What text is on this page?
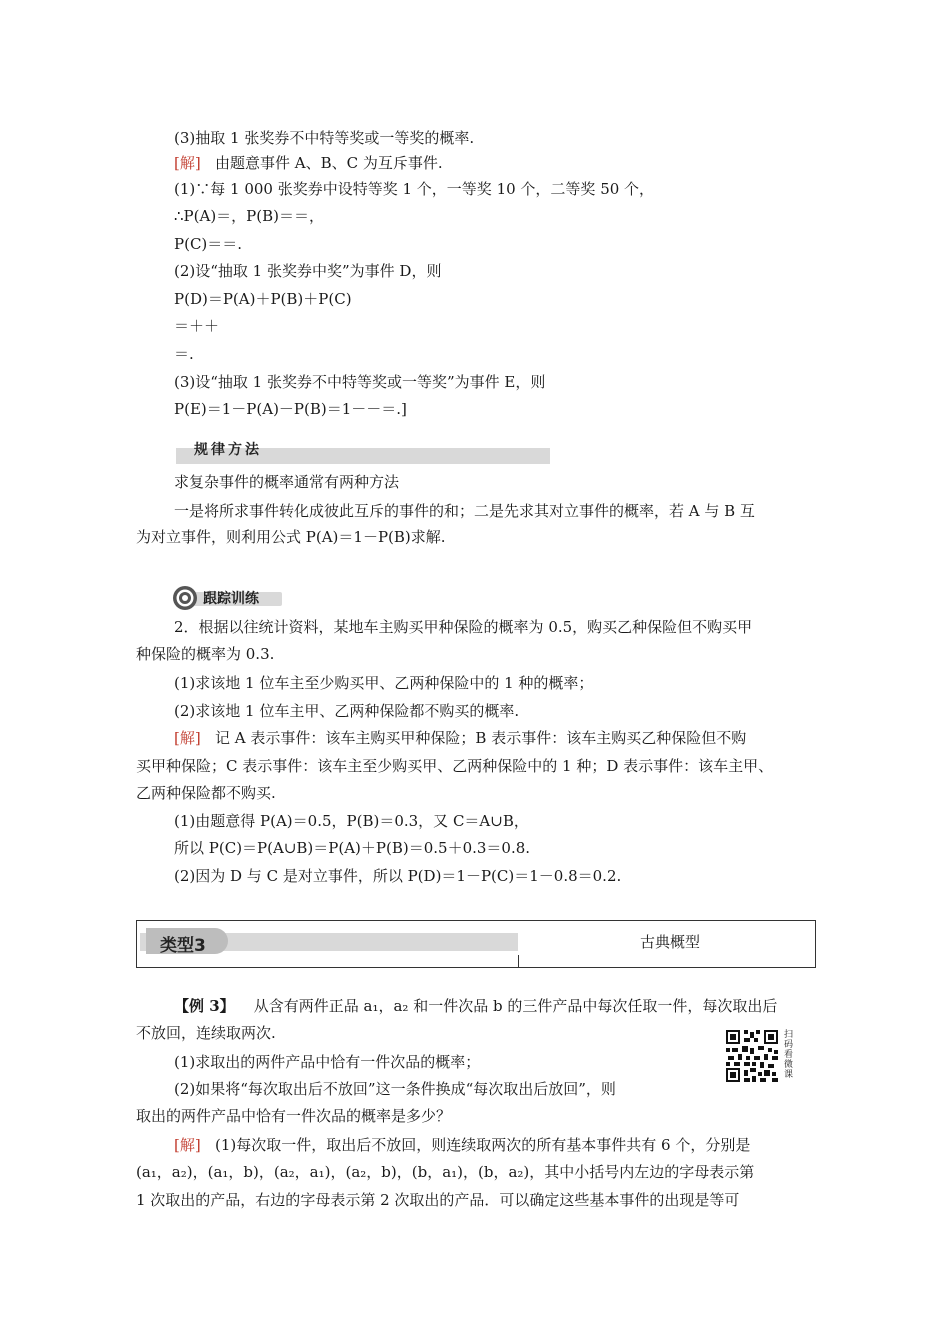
(3)抽取 1 张奖券不中特等奖或一等奖的概率.
[解] 由题意事件 A、B、C 为互斥事件.
(1)∵每 1 000 张奖券中设特等奖 1 个，一等奖 10 个，二等奖 50 个，
∴P(A)＝，P(B)＝＝，
P(C)＝＝.
(2)设“抽取 1 张奖券中奖”为事件 D，则
P(D)＝P(A)＋P(B)＋P(C)
＝＋＋
＝.
(3)设“抽取 1 张奖券不中特等奖或一等奖”为事件 E，则
P(E)＝1－P(A)－P(B)＝1－－＝.]
规律方法
求复杂事件的概率通常有两种方法
一是将所求事件转化成彼此互斥的事件的和；二是先求其对立事件的概率，若 A 与 B 互
为对立事件，则利用公式 P(A)＝1－P(B)求解.
跟踪训练
2．根据以往统计资料，某地车主购买甲种保险的概率为 0.5，购买乙种保险但不购买甲
种保险的概率为 0.3.
(1)求该地 1 位车主至少购买甲、乙两种保险中的 1 种的概率；
(2)求该地 1 位车主甲、乙两种保险都不购买的概率.
[解] 记 A 表示事件：该车主购买甲种保险；B 表示事件：该车主购买乙种保险但不购
买甲种保险；C 表示事件：该车主至少购买甲、乙两种保险中的 1 种；D 表示事件：该车主甲、
乙两种保险都不购买.
(1)由题意得 P(A)＝0.5，P(B)＝0.3，又 C＝A∪B，
所以 P(C)＝P(A∪B)＝P(A)＋P(B)＝0.5＋0.3＝0.8.
(2)因为 D 与 C 是对立事件，所以 P(D)＝1－P(C)＝1－0.8＝0.2.
类型3	古典概型
【例 3】 从含有两件正品 a₁，a₂ 和一件次品 b 的三件产品中每次任取一件，每次取出后
不放回，连续取两次.
(1)求取出的两件产品中恰有一件次品的概率；
(2)如果将“每次取出后不放回”这一条件换成“每次取出后放回”，则
取出的两件产品中恰有一件次品的概率是多少？
[解] (1)每次取一件，取出后不放回，则连续取两次的所有基本事件共有 6 个，分别是
(a₁，a₂)，(a₁，b)，(a₂，a₁)，(a₂，b)，(b，a₁)，(b，a₂)，其中小括号内左边的字母表示第
1 次取出的产品，右边的字母表示第 2 次取出的产品．可以确定这些基本事件的出现是等可
扫码看微课
